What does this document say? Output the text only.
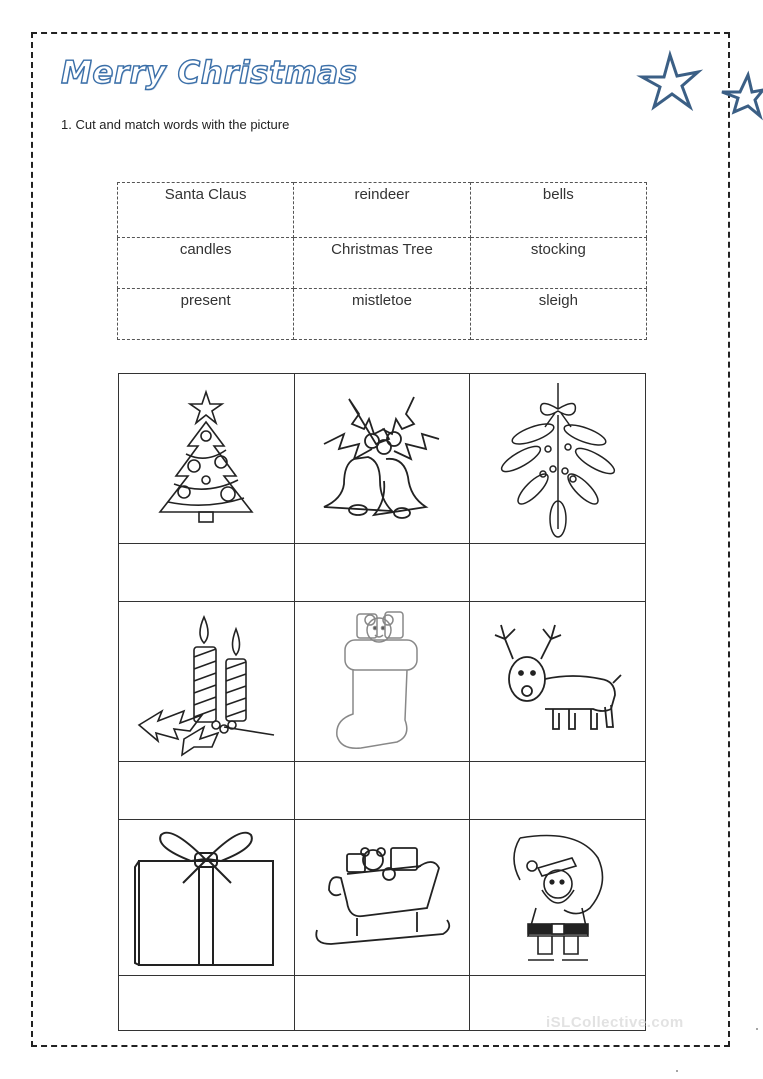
Merry Christmas

1. Cut and match words with the picture

Santa Claus	reindeer	bells
candles	Christmas Tree	stocking
present	mistletoe	sleigh

iSLCollective.com
